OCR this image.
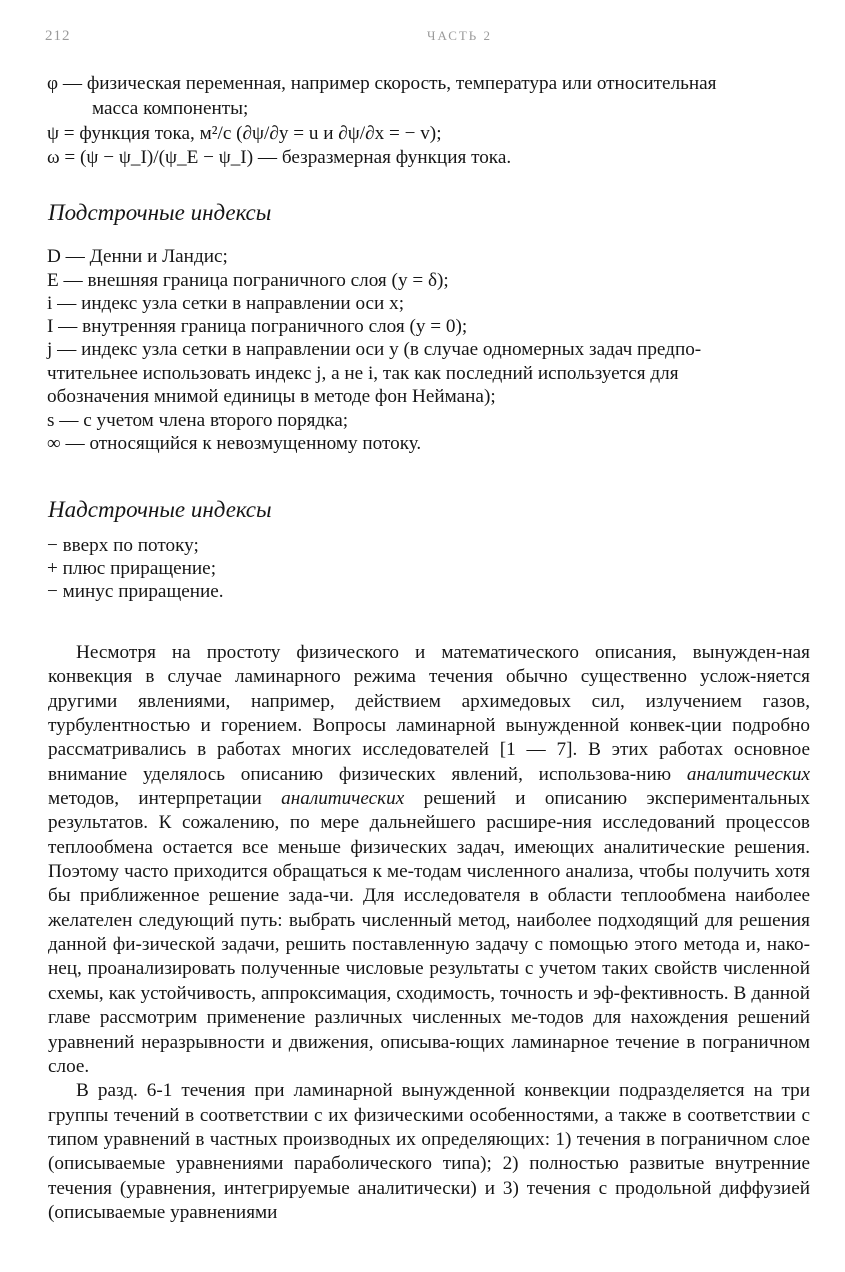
212	ЧАСТЬ 2
φ — физическая переменная, например скорость, температура или относительная
масса компоненты;
ψ = функция тока, м²/с (∂ψ/∂y = u и ∂ψ/∂x = − v);
ω = (ψ − ψ_I)/(ψ_E − ψ_I) — безразмерная функция тока.
Подстрочные индексы
D — Денни и Ландис;
E — внешняя граница пограничного слоя (y = δ);
i — индекс узла сетки в направлении оси x;
I — внутренняя граница пограничного слоя (y = 0);
j — индекс узла сетки в направлении оси y (в случае одномерных задач предпо-
чтительнее использовать индекс j, а не i, так как последний используется для
обозначения мнимой единицы в методе фон Неймана);
s — с учетом члена второго порядка;
∞ — относящийся к невозмущенному потоку.
Надстрочные индексы
− вверх по потоку;
+ плюс приращение;
− минус приращение.

Несмотря на простоту физического и математического описания, вынужден-ная конвекция в случае ламинарного режима течения обычно существенно услож-няется другими явлениями, например, действием архимедовых сил, излучением газов, турбулентностью и горением. Вопросы ламинарной вынужденной конвек-ции подробно рассматривались в работах многих исследователей [1 — 7]. В этих работах основное внимание уделялось описанию физических явлений, использова-нию аналитических методов, интерпретации аналитических решений и описанию экспериментальных результатов. К сожалению, по мере дальнейшего расшире-ния исследований процессов теплообмена остается все меньше физических задач, имеющих аналитические решения. Поэтому часто приходится обращаться к ме-тодам численного анализа, чтобы получить хотя бы приближенное решение зада-чи. Для исследователя в области теплообмена наиболее желателен следующий путь: выбрать численный метод, наиболее подходящий для решения данной фи-зической задачи, решить поставленную задачу с помощью этого метода и, нако-нец, проанализировать полученные числовые результаты с учетом таких свойств численной схемы, как устойчивость, аппроксимация, сходимость, точность и эф-фективность. В данной главе рассмотрим применение различных численных ме-тодов для нахождения решений уравнений неразрывности и движения, описыва-ющих ламинарное течение в пограничном слое.

В разд. 6-1 течения при ламинарной вынужденной конвекции подразделяется на три группы течений в соответствии с их физическими особенностями, а также в соответствии с типом уравнений в частных производных их определяющих: 1) течения в пограничном слое (описываемые уравнениями параболического типа); 2) полностью развитые внутренние течения (уравнения, интегрируемые аналитически) и 3) течения с продольной диффузией (описываемые уравнениями
